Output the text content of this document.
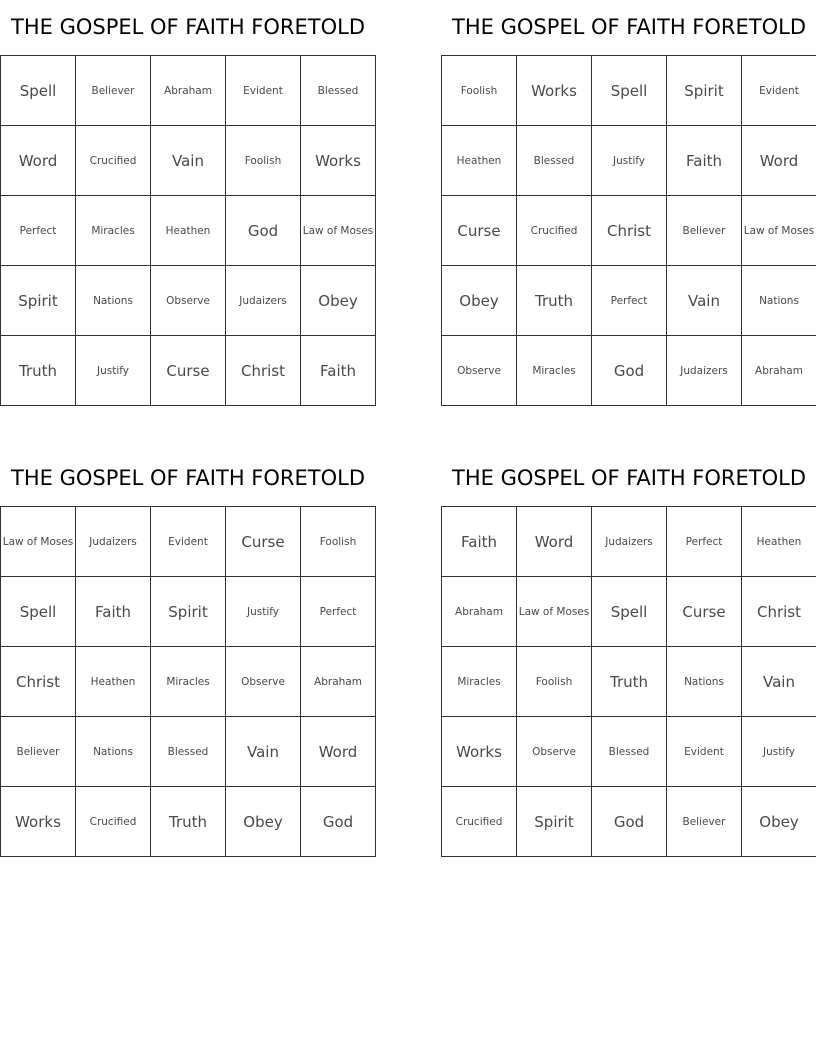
THE GOSPEL OF FAITH FORETOLD
Spell	Believer	Abraham	Evident	Blessed
Word	Crucified	Vain	Foolish	Works
Perfect	Miracles	Heathen	God	Law of Moses
Spirit	Nations	Observe	Judaizers	Obey
Truth	Justify	Curse	Christ	Faith
THE GOSPEL OF FAITH FORETOLD
Foolish	Works	Spell	Spirit	Evident
Heathen	Blessed	Justify	Faith	Word
Curse	Crucified	Christ	Believer	Law of Moses
Obey	Truth	Perfect	Vain	Nations
Observe	Miracles	God	Judaizers	Abraham
THE GOSPEL OF FAITH FORETOLD
Law of Moses	Judaizers	Evident	Curse	Foolish
Spell	Faith	Spirit	Justify	Perfect
Christ	Heathen	Miracles	Observe	Abraham
Believer	Nations	Blessed	Vain	Word
Works	Crucified	Truth	Obey	God
THE GOSPEL OF FAITH FORETOLD
Faith	Word	Judaizers	Perfect	Heathen
Abraham	Law of Moses	Spell	Curse	Christ
Miracles	Foolish	Truth	Nations	Vain
Works	Observe	Blessed	Evident	Justify
Crucified	Spirit	God	Believer	Obey
